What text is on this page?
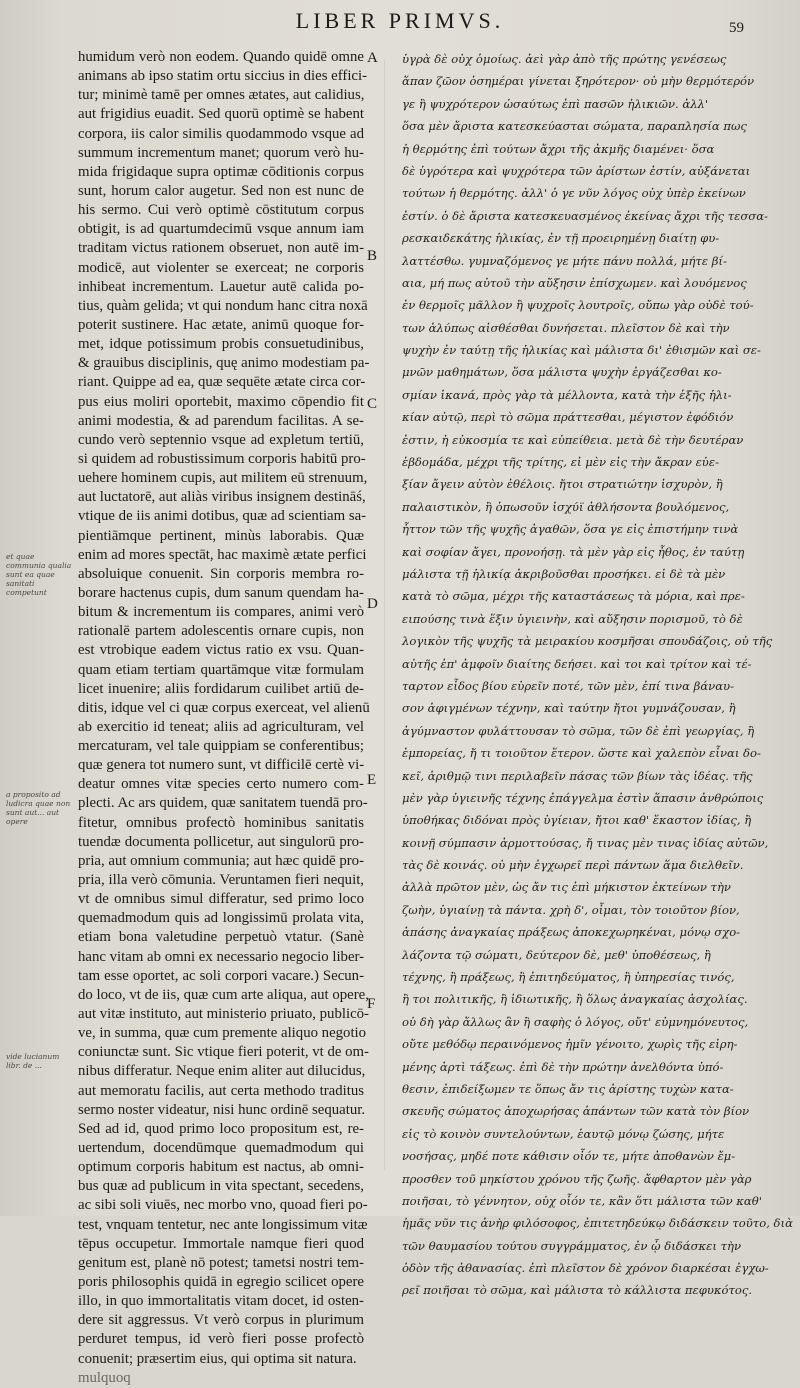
LIBER PRIMVS.	59
humidum verò non eodem. Quando quidē omne
animans ab ipso statim ortu siccius in dies effici-
tur; minimè tamē per omnes ætates, aut calidius,
aut frigidius euadit. Sed quorū optimè se habent
corpora, iis calor similis quodammodo vsque ad
summum incrementum manet; quorum verò hu-
mida frigidaque supra optimæ cōditionis corpus
sunt, horum calor augetur. Sed non est nunc de
his sermo. Cui verò optimè cōstitutum corpus
obtigit, is ad quartumdecimū vsque annum iam
traditam victus rationem obseruet, non autē im-
modicē, aut violenter se exerceat; ne corporis
inhibeat incrementum. Lauetur autē calida po-
tius, quàm gelida; vt qui nondum hanc citra noxā
poterit sustinere. Hac ætate, animū quoque for-
met, idque potissimum probis consuetudinibus,
& grauibus disciplinis, quę animo modestiam pa-
riant. Quippe ad ea, quæ sequēte ætate circa cor-
pus eius moliri oportebit, maximo cōpendio fit
animi modestia, & ad parendum facilitas. A se-
cundo verò septennio vsque ad expletum tertiū,
si quidem ad robustissimum corporis habitū pro-
uehere hominem cupis, aut militem eū strenuum,
aut luctatorē, aut aliàs viribus insignem destināś,
vtique de iis animi dotibus, quæ ad scientiam sa-
pientiāmque pertinent, minùs laborabis. Quæ
enim ad mores spectāt, hac maximè ætate perfici
absoluique conuenit. Sin corporis membra ro-
borare hactenus cupis, dum sanum quendam ha-
bitum & incrementum iis compares, animi verò
rationalē partem adolescentis ornare cupis, non
est vtrobique eadem victus ratio ex vsu. Quan-
quam etiam tertiam quartāmque vitæ formulam
licet inuenire; aliis fordidarum cuilibet artiū de-
ditis, idque vel ci quæ corpus exerceat, vel alienū
ab exercitio id teneat; aliis ad agriculturam, vel
mercaturam, vel tale quippiam se conferentibus;
quæ genera tot numero sunt, vt difficilē certè vi-
deatur omnes vitæ species certo numero com-
plecti. Ac ars quidem, quæ sanitatem tuendā pro-
fitetur, omnibus profectò hominibus sanitatis
tuendæ documenta pollicetur, aut singulorū pro-
pria, aut omnium communia; aut hæc quidē pro-
pria, illa verò cōmunia. Veruntamen fieri nequit,
vt de omnibus simul differatur, sed primo loco
quemadmodum quis ad longissimū prolata vita,
etiam bona valetudine perpetuò vtatur. (Sanè
hanc vitam ab omni ex necessario negocio liber-
tam esse oportet, ac soli corpori vacare.) Secun-
do loco, vt de iis, quæ cum arte aliqua, aut opere,
aut vitæ instituto, aut ministerio priuato, publicō-
ve, in summa, quæ cum premente aliquo negotio
coniunctæ sunt. Sic vtique fieri poterit, vt de om-
nibus differatur. Neque enim aliter aut dilucidus,
aut memoratu facilis, aut certa methodo traditus
sermo noster videatur, nisi hunc ordinē sequatur.
Sed ad id, quod primo loco propositum est, re-
uertendum, docendūmque quemadmodum qui
optimum corporis habitum est nactus, ab omni-
bus quæ ad publicum in vita spectant, secedens,
ac sibi soli viuēs, nec morbo vno, quoad fieri po-
test, vnquam tentetur, nec ante longissimum vitæ
tēpus occupetur. Immortale namque fieri quod
genitum est, planè nō potest; tametsi nostri tem-
poris philosophis quidā in egregio scilicet opere
illo, in quo immortalitatis vitam docet, id osten-
dere sit aggressus. Vt verò corpus in plurimum
perduret tempus, id verò fieri posse profectò
conuenit; præsertim eius, qui optima sit natura.
mulquoq
ὑγρὰ δὲ οὐχ ὁμοίως. ἀεὶ γὰρ ἀπὸ τῆς πρώτης γενέσεως
ἅπαν ζῶον ὁσημέραι γίνεται ξηρότερον· οὐ μὴν θερμότερόν
γε ἢ ψυχρότερον ὡσαύτως ἐπὶ πασῶν ἡλικιῶν. ἀλλ'
ὅσα μὲν ἄριστα κατεσκεύασται σώματα, παραπλησία πως
ἡ θερμότης ἐπὶ τούτων ἄχρι τῆς ἀκμῆς διαμένει· ὅσα
δὲ ὑγρότερα καὶ ψυχρότερα τῶν ἀρίστων ἐστίν, αὐξάνεται
τούτων ἡ θερμότης. ἀλλ' ὁ γε νῦν λόγος οὐχ ὑπὲρ ἐκείνων
ἐστίν. ὁ δὲ ἄριστα κατεσκευασμένος ἐκείνας ἄχρι τῆς τεσσα-
ρεσκαιδεκάτης ἡλικίας, ἐν τῇ προειρημένῃ διαίτῃ φυ-
λαττέσθω. γυμναζόμενος γε μήτε πάνυ πολλά, μήτε βί-
αια, μή πως αὐτοῦ τὴν αὔξησιν ἐπίσχωμεν. καὶ λουόμενος
ἐν θερμοῖς μᾶλλον ἢ ψυχροῖς λουτροῖς, οὔπω γὰρ οὐδὲ τού-
των ἀλύπως αἰσθέσθαι δυνήσεται. πλεῖστον δὲ καὶ τὴν
ψυχὴν ἐν ταύτῃ τῆς ἡλικίας καὶ μάλιστα δι' ἐθισμῶν καὶ σε-
μνῶν μαθημάτων, ὅσα μάλιστα ψυχὴν ἐργάζεσθαι κο-
σμίαν ἱκανά, πρὸς γὰρ τὰ μέλλοντα, κατὰ τὴν ἑξῆς ἡλι-
κίαν αὐτῷ, περὶ τὸ σῶμα πράττεσθαι, μέγιστον ἐφόδιόν
ἐστιν, ἡ εὐκοσμία τε καὶ εὐπείθεια. μετὰ δὲ τὴν δευτέραν
ἑβδομάδα, μέχρι τῆς τρίτης, εἰ μὲν εἰς τὴν ἄκραν εὐε-
ξίαν ἄγειν αὐτὸν ἐθέλοις. ἤτοι στρατιώτην ἰσχυρὸν, ἢ
παλαιστικὸν, ἢ ὁπωσοῦν ἰσχύϊ ἀθλήσοντα βουλόμενος,
ἧττον τῶν τῆς ψυχῆς ἀγαθῶν, ὅσα γε εἰς ἐπιστήμην τινὰ
καὶ σοφίαν ἄγει, προνοήσῃ. τὰ μὲν γὰρ εἰς ἦθος, ἐν ταύτῃ
μάλιστα τῇ ἡλικίᾳ ἀκριβοῦσθαι προσήκει. εἰ δὲ τὰ μὲν
κατὰ τὸ σῶμα, μέχρι τῆς καταστάσεως τὰ μόρια, καὶ πρε-
ειπούσης τινὰ ἕξιν ὑγιεινὴν, καὶ αὔξησιν πορισμοῦ, τὸ δὲ
λογικὸν τῆς ψυχῆς τὰ μειρακίου κοσμῆσαι σπουδάζοις, οὐ τῆς
αὐτῆς ἐπ' ἀμφοῖν διαίτης δεήσει. καὶ τοι καὶ τρίτον καὶ τέ-
ταρτον εἶδος βίου εὑρεῖν ποτέ, τῶν μὲν, ἐπί τινα βάναυ-
σον ἀφιγμένων τέχνην, καὶ ταύτην ἤτοι γυμνάζουσαν, ἢ
ἀγύμναστον φυλάττουσαν τὸ σῶμα, τῶν δὲ ἐπὶ γεωργίας, ἢ
ἐμπορείας, ἤ τι τοιοῦτον ἕτερον. ὥστε καὶ χαλεπὸν εἶναι δο-
κεῖ, ἀριθμῷ τινι περιλαβεῖν πάσας τῶν βίων τὰς ἰδέας. τῆς
μὲν γὰρ ὑγιεινῆς τέχνης ἐπάγγελμα ἐστὶν ἅπασιν ἀνθρώποις
ὑποθήκας διδόναι πρὸς ὑγίειαν, ἤτοι καθ' ἕκαστον ἰδίας, ἢ
κοινῇ σύμπασιν ἁρμοττούσας, ἤ τινας μὲν τινας ἰδίας αὐτῶν,
τὰς δὲ κοινάς. οὐ μὴν ἐγχωρεῖ περὶ πάντων ἅμα διελθεῖν.
ἀλλὰ πρῶτον μὲν, ὡς ἄν τις ἐπὶ μήκιστον ἐκτείνων τὴν
ζωὴν, ὑγιαίνῃ τὰ πάντα. χρὴ δ', οἶμαι, τὸν τοιοῦτον βίον,
ἁπάσης ἀναγκαίας πράξεως ἀποκεχωρηκέναι, μόνῳ σχο-
λάζοντα τῷ σώματι, δεύτερον δὲ, μεθ' ὑποθέσεως, ἢ
τέχνης, ἢ πράξεως, ἢ ἐπιτηδεύματος, ἢ ὑπηρεσίας τινός,
ἢ τοι πολιτικῆς, ἢ ἰδιωτικῆς, ἢ ὅλως ἀναγκαίας ἀσχολίας.
οὐ δὴ γὰρ ἄλλως ἂν ἢ σαφὴς ὁ λόγος, οὔτ' εὐμνημόνευτος,
οὔτε μεθόδῳ περαινόμενος ἡμῖν γένοιτο, χωρὶς τῆς εἰρη-
μένης ἀρτὶ τάξεως. ἐπὶ δὲ τὴν πρώτην ἀνελθόντα ὑπό-
θεσιν, ἐπιδείξωμεν τε ὅπως ἄν τις ἀρίστης τυχὼν κατα-
σκευῆς σώματος ἀποχωρήσας ἁπάντων τῶν κατὰ τὸν βίον
εἰς τὸ κοινὸν συντελούντων, ἑαυτῷ μόνῳ ζώσης, μήτε
νοσήσας, μηδέ ποτε κάθισιν οἷόν τε, μήτε ἀποθανὼν ἔμ-
προσθεν τοῦ μηκίστου χρόνου τῆς ζωῆς. ἄφθαρτον μὲν γὰρ
ποιῆσαι, τὸ γέννητον, οὐχ οἷόν τε, κἂν ὅτι μάλιστα τῶν καθ'
ἡμᾶς νῦν τις ἀνὴρ φιλόσοφος, ἐπιτετηδεύκῳ διδάσκειν τοῦτο, διὰ
τῶν θαυμασίου τούτου συγγράμματος, ἐν ᾧ διδάσκει τὴν
ὁδὸν τῆς ἀθανασίας. ἐπὶ πλεῖστον δὲ χρόνον διαρκέσαι ἐγχω-
ρεῖ ποιῆσαι τὸ σῶμα, καὶ μάλιστα τὸ κάλλιστα πεφυκότος.
A
B
C
D
E
F
et quae communia qualia sunt ea quae sanitati competunt
a proposito ad ludicra quae non sunt aut... aut opere
vide lucianum libr. de ...
